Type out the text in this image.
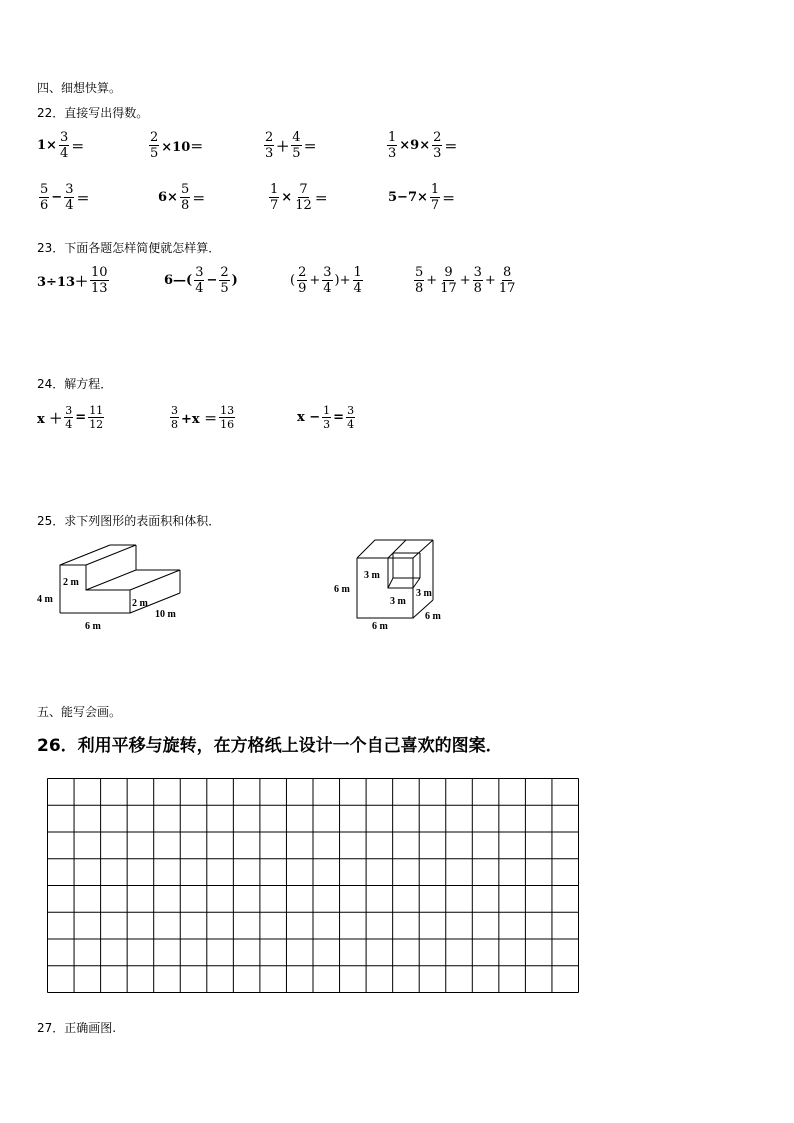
四、细想快算。
22．直接写出得数。
$1\times \frac{3}{4}$ ＝	$\frac{2}{5} \times 10=$	$\frac{2}{3} + \frac{4}{5}$ ＝	$\frac{1}{3} \times 9\times \frac{2}{3}$ ＝
$\frac{5}{6} - \frac{3}{4}$ ＝	$6\times \frac{5}{8}$ ＝	$\frac{1}{7} \times \frac{7}{12}$ ＝	$5-7\times \frac{1}{7}$ ＝
23．下面各题怎样简便就怎样算．
$3\div 13+ \frac{10}{13}$	6—( $\frac{3}{4} - \frac{2}{5}$ )	( $\frac{2}{9} + \frac{3}{4}$ )+ $\frac{1}{4}$	$\frac{5}{8} + \frac{9}{17} + \frac{3}{8} + \frac{8}{17}$
24．解方程．
$x + \frac{3}{4} = \frac{11}{12}$	$\frac{3}{8} +x = \frac{13}{16}$	$x - \frac{1}{3} = \frac{3}{4}$
25．求下列图形的表面积和体积．
2 m
4 m	2 m
6 m
10 m
3 m
6 m
3 m
3 m
6 m
6 m
五、能写会画。
26．利用平移与旋转，在方格纸上设计一个自己喜欢的图案．
27．正确画图.
